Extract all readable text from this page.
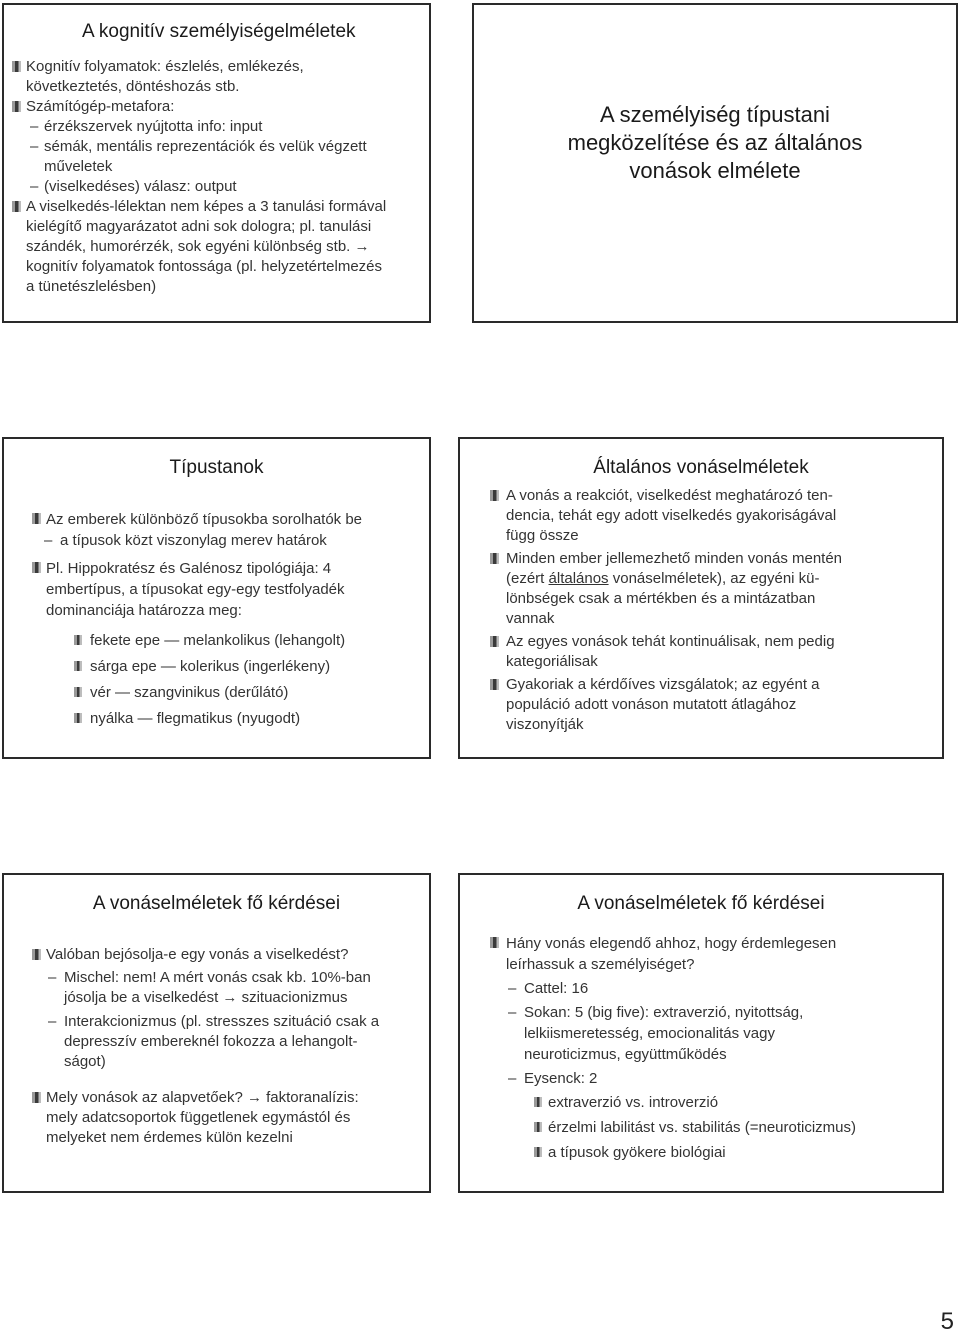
A kognitív személyiségelméletek
Kognitív folyamatok: észlelés, emlékezés,
következtetés, döntéshozás stb.
Számítógép-metafora:
– érzékszervek nyújtotta info: input
– sémák, mentális reprezentációk és velük végzett
műveletek
– (viselkedéses) válasz: output
A viselkedés-lélektan nem képes a 3 tanulási formával
kielégítő magyarázatot adni sok dologra; pl. tanulási
szándék, humorérzék, sok egyéni különbség stb. →
kognitív folyamatok fontossága (pl. helyzetértelmezés
a tünetészlelésben)
A személyiség típustani
megközelítése és az általános
vonások elmélete
Típustanok
Az emberek különböző típusokba sorolhatók be
– a típusok közt viszonylag merev határok
Pl. Hippokratész és Galénosz tipológiája: 4
embertípus, a típusokat egy-egy testfolyadék
dominanciája határozza meg:
fekete epe — melankolikus (lehangolt)
sárga epe — kolerikus (ingerlékeny)
vér — szangvinikus (derűlátó)
nyálka — flegmatikus (nyugodt)
Általános vonáselméletek
A vonás a reakciót, viselkedést meghatározó ten-
dencia, tehát egy adott viselkedés gyakoriságával
függ össze
Minden ember jellemezhető minden vonás mentén
(ezért általános vonáselméletek), az egyéni kü-
lönbségek csak a mértékben és a mintázatban
vannak
Az egyes vonások tehát kontinuálisak, nem pedig
kategoriálisak
Gyakoriak a kérdőíves vizsgálatok; az egyént a
populáció adott vonáson mutatott átlagához
viszonyítják
A vonáselméletek fő kérdései
Valóban bejósolja-e egy vonás a viselkedést?
– Mischel: nem! A mért vonás csak kb. 10%-ban
jósolja be a viselkedést → szituacionizmus
– Interakcionizmus (pl. stresszes szituáció csak a
depresszív embereknél fokozza a lehangolt-
ságot)
Mely vonások az alapvetőek? → faktoranalízis:
mely adatcsoportok függetlenek egymástól és
melyeket nem érdemes külön kezelni
A vonáselméletek fő kérdései
Hány vonás elegendő ahhoz, hogy érdemlegesen
leírhassuk a személyiséget?
– Cattel: 16
– Sokan: 5 (big five): extraverzió, nyitottság,
lelkiismeretesség, emocionalitás vagy
neuroticizmus, együttműködés
– Eysenck: 2
extraverzió vs. introverzió
érzelmi labilitást vs. stabilitás (=neuroticizmus)
a típusok gyökere biológiai
5
